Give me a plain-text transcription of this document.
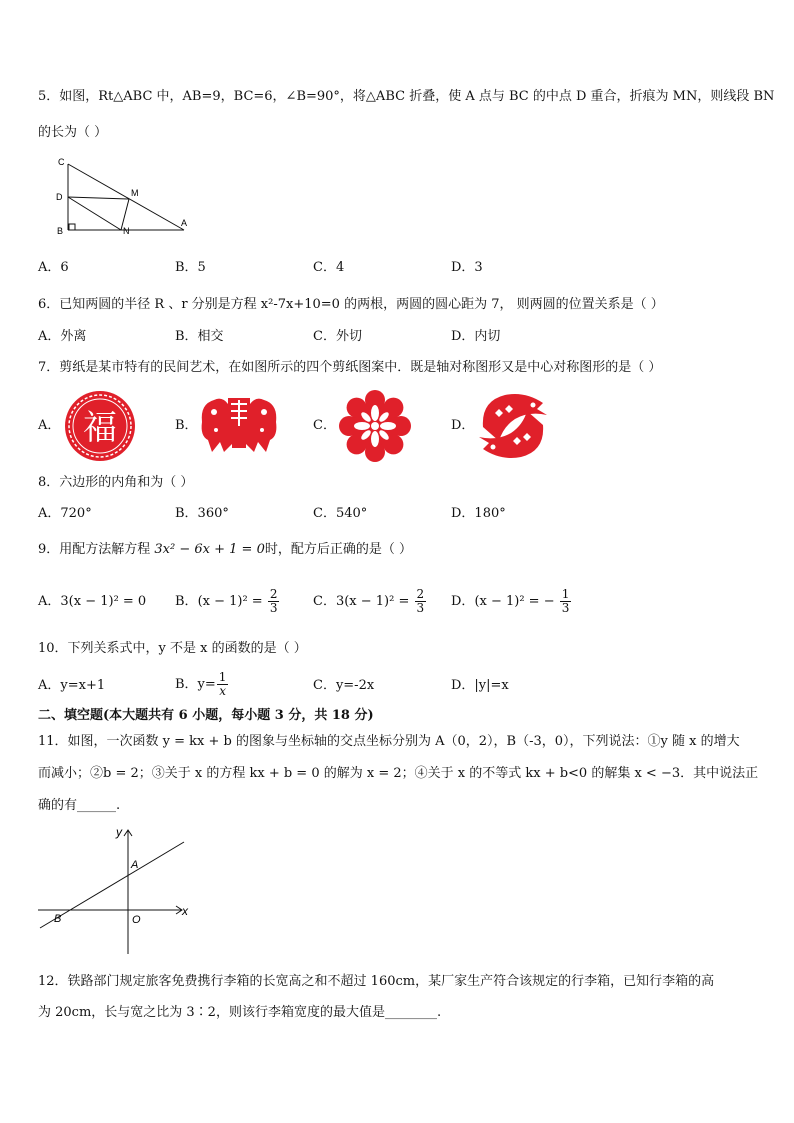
5．如图，Rt△ABC 中，AB=9，BC=6，∠B=90°，将△ABC 折叠，使 A 点与 BC 的中点 D 重合，折痕为 MN，则线段 BN
的长为（ ）
C
D	M
B	N
A
A．6	B．5	C．4	D．3
6．已知两圆的半径 R 、r 分别是方程 x²-7x+10=0 的两根，两圆的圆心距为 7， 则两圆的位置关系是（ ）
A．外离	B．相交	C．外切	D．内切
7．剪纸是某市特有的民间艺术，在如图所示的四个剪纸图案中．既是轴对称图形又是中心对称图形的是（ ）
A．	B．	C．	D．
福
8．六边形的内角和为（ ）
A．720°	B．360°	C．540°	D．180°
9．用配方法解方程 3x² − 6x + 1 = 0时，配方后正确的是（ ）
A．3(x − 1)² = 0 B．$(x - 1)^2 = \frac{2}{3}$	C．$3(x - 1)^2 = \frac{2}{3}$ D．(x − 1)² = − $\frac{1}{3}$
10．下列关系式中，y 不是 x 的函数的是（ ）
A．y=x+1	B．$y= \frac{1}{x}$	C．y=-2x	D．|y|=x
二、填空题(本大题共有 6 小题，每小题 3 分，共 18 分)
11．如图，一次函数 y = kx + b 的图象与坐标轴的交点坐标分别为 A（0，2），B（-3，0），下列说法：①y 随 x 的增大
而减小；②b = 2；③关于 x 的方程 kx + b = 0 的解为 x = 2；④关于 x 的不等式 kx + b<0 的解集 x < −3．其中说法正
确的有______.
y
x
A
B	O
12．铁路部门规定旅客免费携行李箱的长宽高之和不超过 160cm，某厂家生产符合该规定的行李箱，已知行李箱的高
为 20cm，长与宽之比为 3∶2，则该行李箱宽度的最大值是________.
